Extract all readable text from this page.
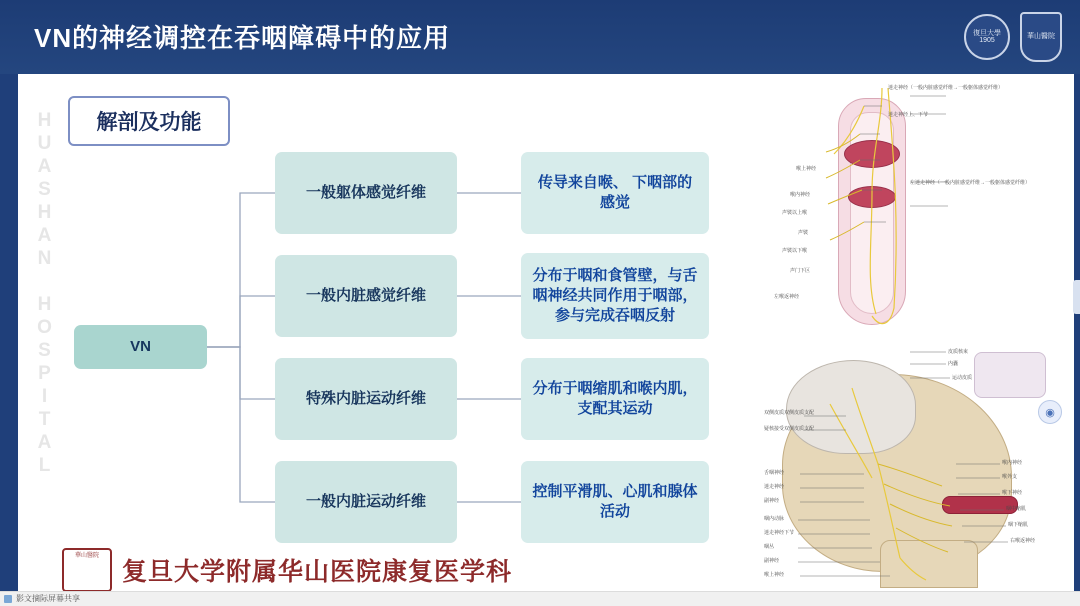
VN的神经调控在吞咽障碍中的应用	復旦大學 1905
華山醫院
HUASHAN HOSPITAL	解剖及功能
VN
一般躯体感觉纤维
一般内脏感觉纤维
特殊内脏运动纤维
一般内脏运动纤维
传导来自喉、 下咽部的感觉
分布于咽和食管壁，与舌咽神经共同作用于咽部，参与完成吞咽反射
分布于咽缩肌和喉内肌，支配其运动
控制平滑肌、心肌和腺体活动
迷走神经（一般内脏感觉纤维→一般躯体感觉纤维）
迷走神经上、下节
喉上神经
喉内神经
声襞以上喉
声襞
声襞以下喉
声门下区
左迷走神经（一般内脏感觉纤维→一般躯体感觉纤维）
左喉返神经
皮质核束
内囊
运动皮质
双侧皮质双侧皮质支配
疑核接受双侧皮质支配
舌咽神经
迷走神经
副神经
咽内动脉
迷走神经下节
咽丛
副神经
喉上神经
喉内神经
喉外支
喉下神经
咽中缩肌
咽下缩肌
右喉返神经
◉
華山醫院
复旦大学附属华山医院康复医学科
影文摘际屏幕共享
